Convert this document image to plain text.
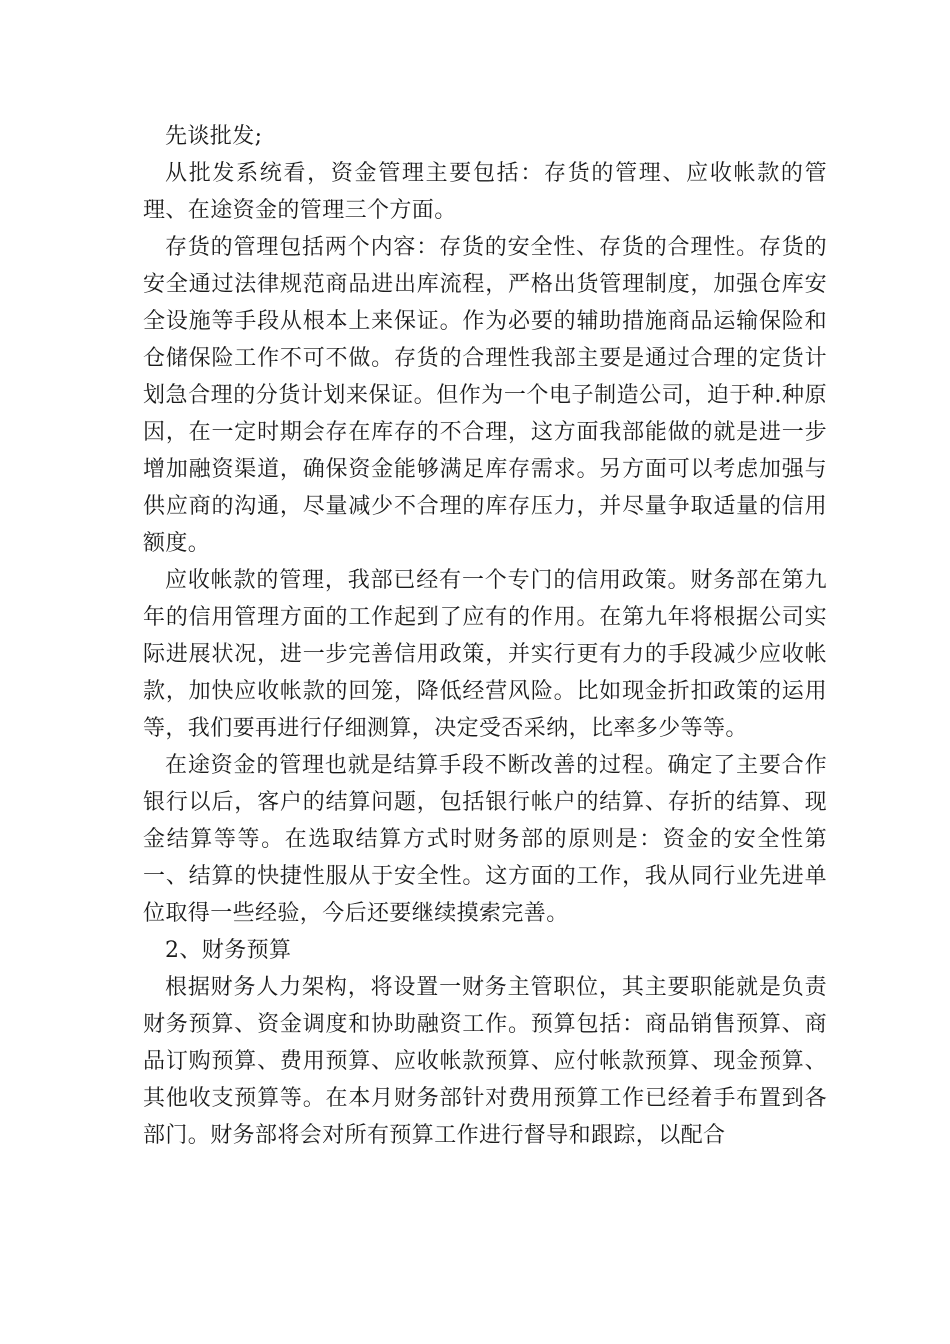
先谈批发;

从批发系统看，资金管理主要包括：存货的管理、应收帐款的管理、在途资金的管理三个方面。

存货的管理包括两个内容：存货的安全性、存货的合理性。存货的安全通过法律规范商品进出库流程，严格出货管理制度，加强仓库安全设施等手段从根本上来保证。作为必要的辅助措施商品运输保险和仓储保险工作不可不做。存货的合理性我部主要是通过合理的定货计划急合理的分货计划来保证。但作为一个电子制造公司，迫于种.种原因，在一定时期会存在库存的不合理，这方面我部能做的就是进一步增加融资渠道，确保资金能够满足库存需求。另方面可以考虑加强与供应商的沟通，尽量减少不合理的库存压力，并尽量争取适量的信用额度。

应收帐款的管理，我部已经有一个专门的信用政策。财务部在第九年的信用管理方面的工作起到了应有的作用。在第九年将根据公司实际进展状况，进一步完善信用政策，并实行更有力的手段减少应收帐款，加快应收帐款的回笼，降低经营风险。比如现金折扣政策的运用等，我们要再进行仔细测算，决定受否采纳，比率多少等等。

在途资金的管理也就是结算手段不断改善的过程。确定了主要合作银行以后，客户的结算问题，包括银行帐户的结算、存折的结算、现金结算等等。在选取结算方式时财务部的原则是：资金的安全性第一、结算的快捷性服从于安全性。这方面的工作，我从同行业先进单位取得一些经验，今后还要继续摸索完善。

2、财务预算

根据财务人力架构，将设置一财务主管职位，其主要职能就是负责财务预算、资金调度和协助融资工作。预算包括：商品销售预算、商品订购预算、费用预算、应收帐款预算、应付帐款预算、现金预算、其他收支预算等。在本月财务部针对费用预算工作已经着手布置到各部门。财务部将会对所有预算工作进行督导和跟踪，以配合
